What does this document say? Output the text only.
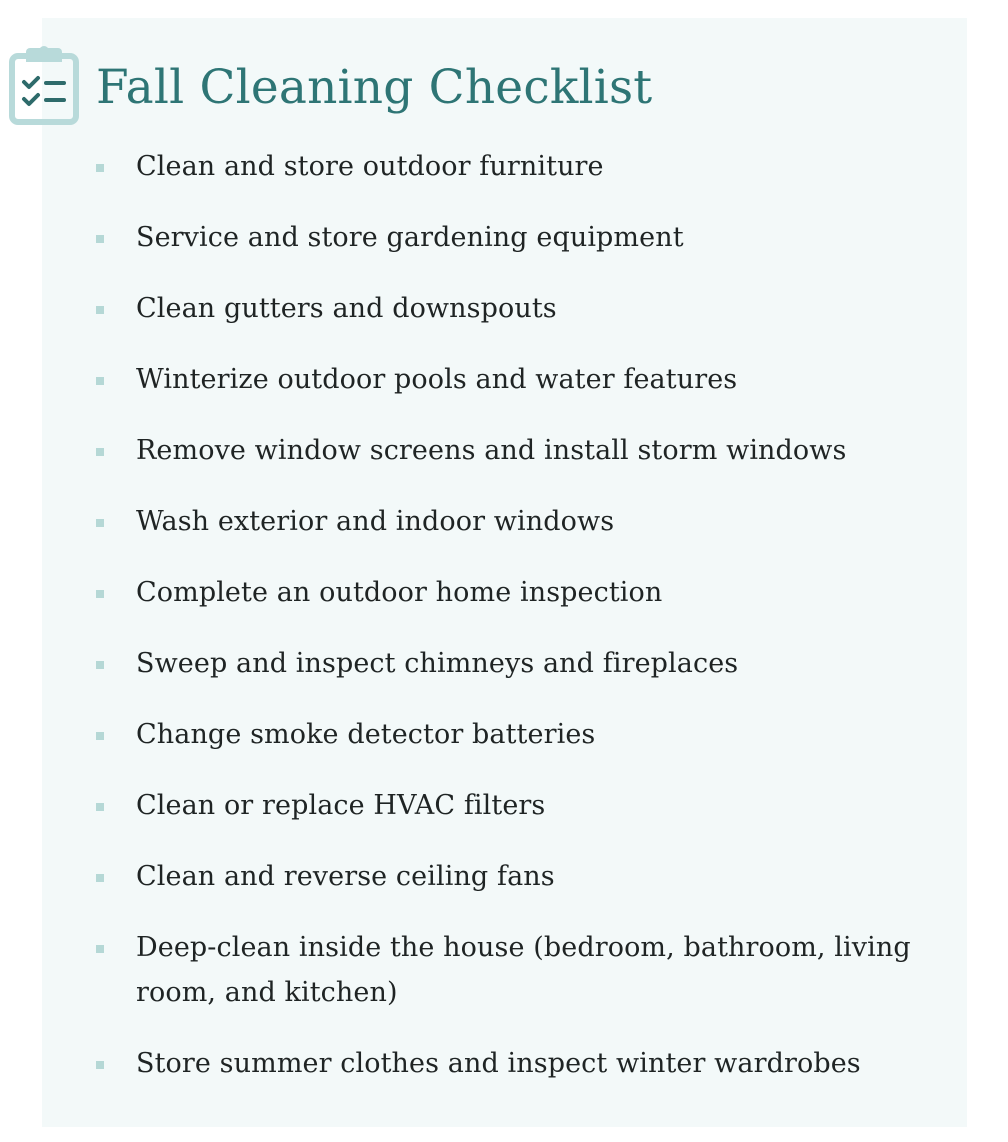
Fall Cleaning Checklist
Clean and store outdoor furniture
Service and store gardening equipment
Clean gutters and downspouts
Winterize outdoor pools and water features
Remove window screens and install storm windows
Wash exterior and indoor windows
Complete an outdoor home inspection
Sweep and inspect chimneys and fireplaces
Change smoke detector batteries
Clean or replace HVAC filters
Clean and reverse ceiling fans
Deep-clean inside the house (bedroom, bathroom, living room, and kitchen)
Store summer clothes and inspect winter wardrobes
